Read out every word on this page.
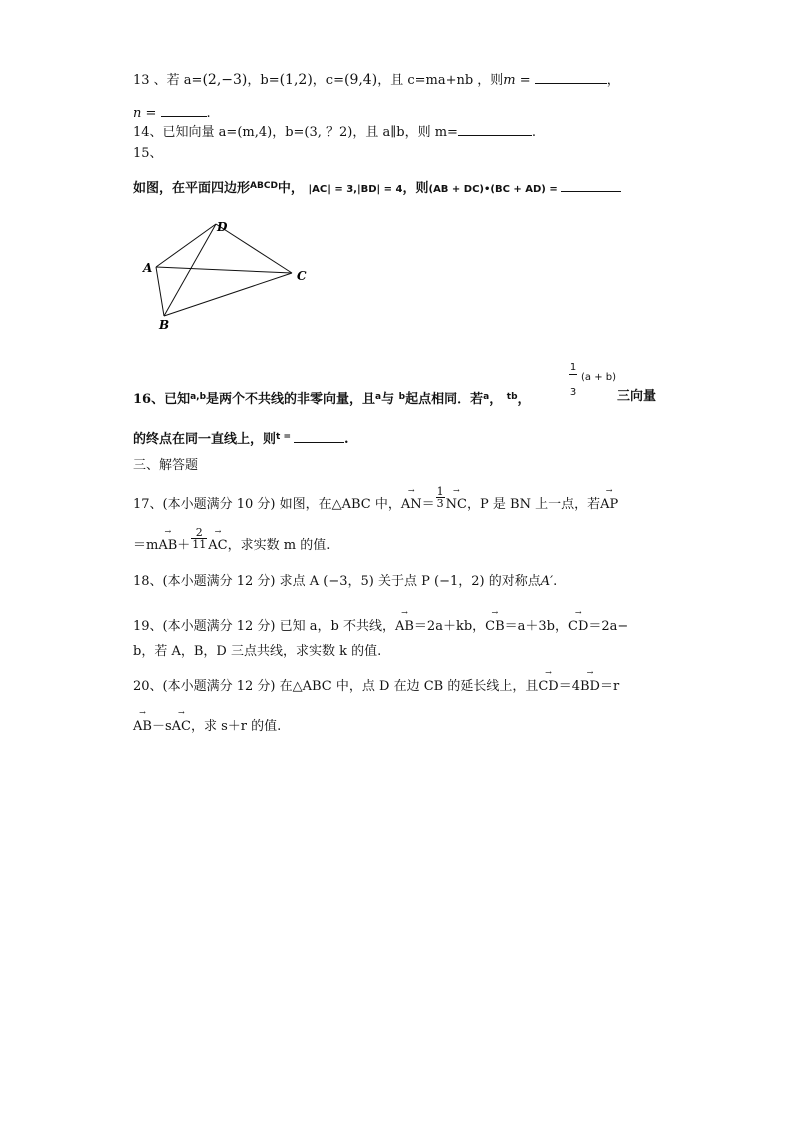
13 、若 a=(2,−3)，b=(1,2)，c=(9,4)，且 c=ma+nb ，则m =	，
n =	.
14、已知向量 a=(m,4)，b=(3, ？2)，且 a∥b，则 m=	.
15、
如图，在平面四边形$^{ABCD}$中， |AC| = 3,|BD| = 4，则(AB + DC)•(BC + AD) =
D
A
C
B
16、已知$^{a,b}$是两个不共线的非零向量，且$^a$与 $^b$起点相同．若$^a$， $^{tb}$，
$\frac{1}{3} (a + b)$
三向量
的终点在同一直线上，则$^{t =}$	.
三、解答题
17、(本小题满分 10 分) 如图，在△ABC 中，→ $AN= \frac{1}{3}$ → NC，P 是 BN 上一点，若→ AP
$=m\to AB+ \frac{2}{11}$ → AC，求实数 m 的值.
18、(本小题满分 12 分) 求点 A (−3，5) 关于点 P (−1，2) 的对称点A′.
19、(本小题满分 12 分) 已知 a，b 不共线，→ AB＝2a＋kb，→ CB＝a＋3b，→ CD＝2a−
b，若 A，B，D 三点共线，求实数 k 的值.
20、(本小题满分 12 分) 在△ABC 中，点 D 在边 CB 的延长线上，且→ CD＝4→ BD＝r
→ AB－s→ AC，求 s＋r 的值.
